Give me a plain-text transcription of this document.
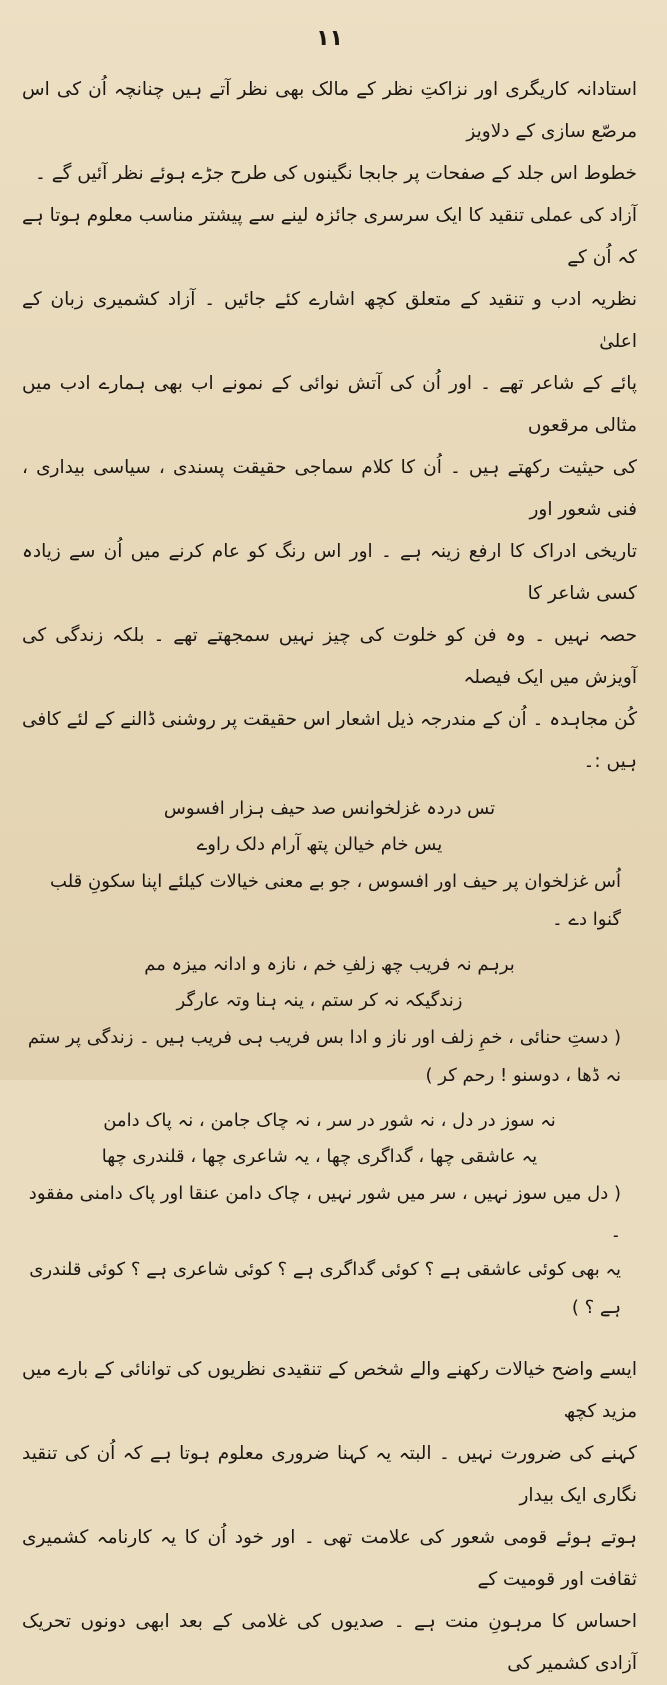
۱۱

استادانہ کاریگری اور نزاکتِ نظر کے مالک بھی نظر آتے ہیں چنانچہ اُن کی اس مرصّع سازی کے دلاویز

خطوط اس جلد کے صفحات پر جابجا نگینوں کی طرح جڑے ہوئے نظر آئیں گے ۔

آزاد کی عملی تنقید کا ایک سرسری جائزہ لینے سے پیشتر مناسب معلوم ہوتا ہے کہ اُن کے

نظریہ ادب و تنقید کے متعلق کچھ اشارے کئے جائیں ۔ آزاد کشمیری زبان کے اعلیٰ

پائے کے شاعر تھے ۔ اور اُن کی آتش نوائی کے نمونے اب بھی ہمارے ادب میں مثالی مرقعوں

کی حیثیت رکھتے ہیں ۔ اُن کا کلام سماجی حقیقت پسندی ، سیاسی بیداری ، فنی شعور اور

تاریخی ادراک کا ارفع زینہ ہے ۔ اور اس رنگ کو عام کرنے میں اُن سے زیادہ کسی شاعر کا

حصہ نہیں ۔ وہ فن کو خلوت کی چیز نہیں سمجھتے تھے ۔ بلکہ زندگی کی آویزش میں ایک فیصلہ

کُن مجاہدہ ۔ اُن کے مندرجہ ذیل اشعار اس حقیقت پر روشنی ڈالنے کے لئے کافی ہیں :۔

تس دردہ غزلخوانس صد حیف ہزار افسوس

یس خام خیالن پتھ آرام دلک راوے

اُس غزلخوان پر حیف اور افسوس ، جو بے معنی خیالات کیلئے اپنا سکونِ قلب گنوا دے ۔

برہم نہ فریب چھ زلفِ خم ، نازہ و ادانہ میزہ مم

زندگیکہ نہ کر ستم ، ینہ ہنا وتہ عارگر

( دستِ حنائی ، خمِ زلف اور ناز و ادا بس فریب ہی فریب ہیں ۔ زندگی پر ستم نہ ڈھا ، دوسنو ! رحم کر )

نہ سوز در دل ، نہ شور در سر ، نہ چاک جامن ، نہ پاک دامن

یہ عاشقی چھا ، گداگری چھا ، یہ شاعری چھا ، قلندری چھا

( دل میں سوز نہیں ، سر میں شور نہیں ، چاک دامن عنقا اور پاک دامنی مفقود ۔

یہ بھی کوئی عاشقی ہے ؟ کوئی گداگری ہے ؟ کوئی شاعری ہے ؟ کوئی قلندری ہے ؟ )

ایسے واضح خیالات رکھنے والے شخص کے تنقیدی نظریوں کی توانائی کے بارے میں مزید کچھ

کہنے کی ضرورت نہیں ۔ البتہ یہ کہنا ضروری معلوم ہوتا ہے کہ اُن کی تنقید نگاری ایک بیدار

ہوتے ہوئے قومی شعور کی علامت تھی ۔ اور خود اُن کا یہ کارنامہ کشمیری ثقافت اور قومیت کے

احساس کا مرہونِ منت ہے ۔ صدیوں کی غلامی کے بعد ابھی دونوں تحریک آزادی کشمیر کی
